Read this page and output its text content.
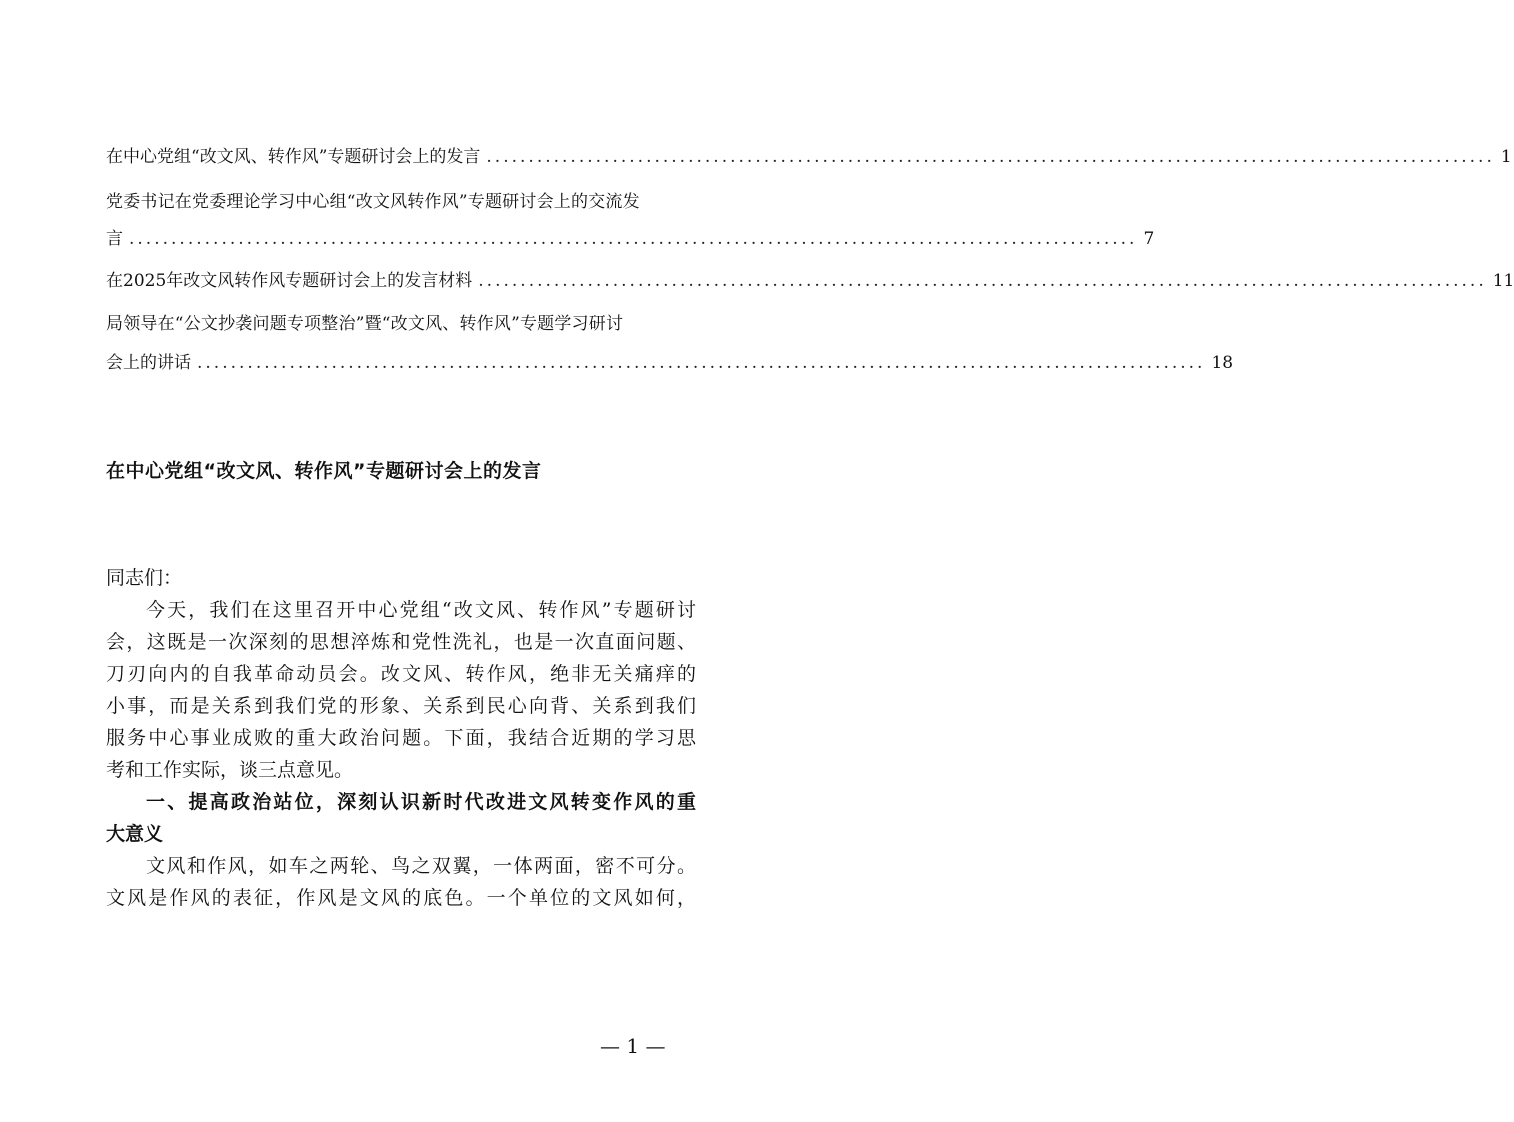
在中心党组“改文风、转作风”专题研讨会上的发言 ........................................................................................................................ 1
党委书记在党委理论学习中心组“改文风转作风”专题研讨会上的交流发
言 ........................................................................................................................ 7
在2025年改文风转作风专题研讨会上的发言材料 ........................................................................................................................ 11
局领导在“公文抄袭问题专项整治”暨“改文风、转作风”专题学习研讨
会上的讲话 ........................................................................................................................ 18
在中心党组“改文风、转作风”专题研讨会上的发言
同志们：
今天，我们在这里召开中心党组“改文风、转作风”专题研讨
会，这既是一次深刻的思想淬炼和党性洗礼，也是一次直面问题、
刀刃向内的自我革命动员会。改文风、转作风，绝非无关痛痒的
小事，而是关系到我们党的形象、关系到民心向背、关系到我们
服务中心事业成败的重大政治问题。下面，我结合近期的学习思
考和工作实际，谈三点意见。
一、提高政治站位，深刻认识新时代改进文风转变作风的重
大意义
文风和作风，如车之两轮、鸟之双翼，一体两面，密不可分。
文风是作风的表征，作风是文风的底色。一个单位的文风如何，
— 1 —
